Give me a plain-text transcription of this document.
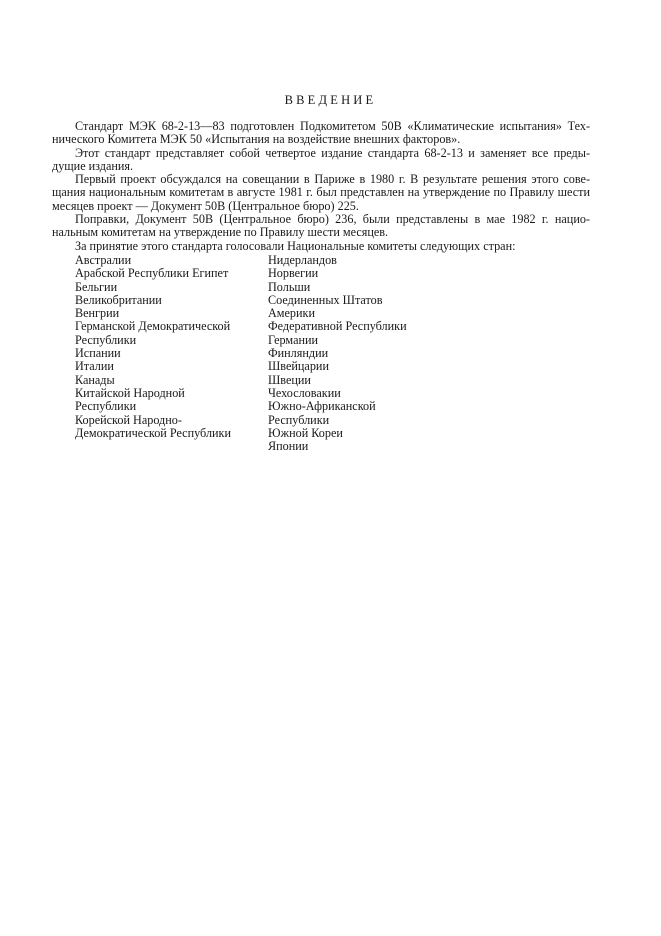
ВВЕДЕНИЕ

Стандарт МЭК 68-2-13—83 подготовлен Подкомитетом 50В «Климатические испытания» Тех-
нического Комитета МЭК 50 «Испытания на воздействие внешних факторов».

Этот стандарт представляет собой четвертое издание стандарта 68-2-13 и заменяет все преды-
дущие издания.

Первый проект обсуждался на совещании в Париже в 1980 г. В результате решения этого сове-
щания национальным комитетам в августе 1981 г. был представлен на утверждение по Правилу шести
месяцев проект — Документ 50В (Центральное бюро) 225.

Поправки, Документ 50В (Центральное бюро) 236, были представлены в мае 1982 г. нацио-
нальным комитетам на утверждение по Правилу шести месяцев.

За принятие этого стандарта голосовали Национальные комитеты следующих стран:

Австралии
Арабской Республики Египет
Бельгии
Великобритании
Венгрии
Германской Демократической
Республики
Испании
Италии
Канады
Китайской Народной
Республики
Корейской Народно-
Демократической Республики
Нидерландов
Норвегии
Польши
Соединенных Штатов
Америки
Федеративной Республики
Германии
Финляндии
Швейцарии
Швеции
Чехословакии
Южно-Африканской
Республики
Южной Кореи
Японии
